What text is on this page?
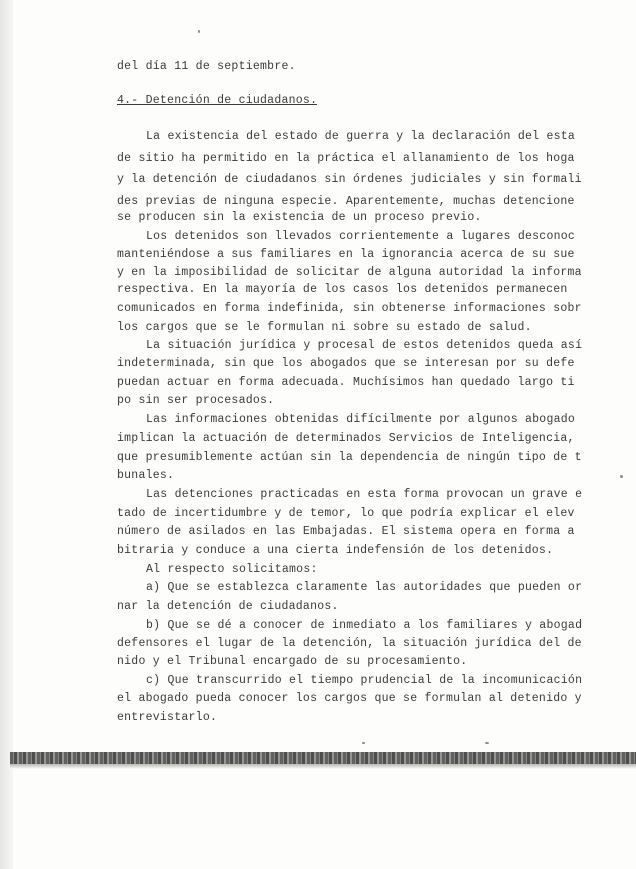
del día 11 de septiembre.
4.- Detención de ciudadanos.
La existencia del estado de guerra y la declaración del esta
de sitio ha permitido en la práctica el allanamiento de los hoga
y la detención de ciudadanos sin órdenes judiciales y sin formali
des previas de ninguna especie. Aparentemente, muchas detencione
se producen sin la existencia de un proceso previo.
Los detenidos son llevados corrientemente a lugares desconoc
manteniéndose a sus familiares en la ignorancia acerca de su sue
y en la imposibilidad de solicitar de alguna autoridad la informa
respectiva. En la mayoría de los casos los detenidos permanecen
comunicados en forma indefinida, sin obtenerse informaciones sobr
los cargos que se le formulan ni sobre su estado de salud.
La situación jurídica y procesal de estos detenidos queda así
indeterminada, sin que los abogados que se interesan por su defe
puedan actuar en forma adecuada. Muchísimos han quedado largo ti
po sin ser procesados.
Las informaciones obtenidas difícilmente por algunos abogado
implican la actuación de determinados Servicios de Inteligencia,
que presumiblemente actúan sin la dependencia de ningún tipo de t
bunales.
Las detenciones practicadas en esta forma provocan un grave e
tado de incertidumbre y de temor, lo que podría explicar el elev
número de asilados en las Embajadas. El sistema opera en forma a
bitraria y conduce a una cierta indefensión de los detenidos.
Al respecto solicitamos:
a) Que se establezca claramente las autoridades que pueden or
nar la detención de ciudadanos.
b) Que se dé a conocer de inmediato a los familiares y abogad
defensores el lugar de la detención, la situación jurídica del de
nido y el Tribunal encargado de su procesamiento.
c) Que transcurrido el tiempo prudencial de la incomunicación
el abogado pueda conocer los cargos que se formulan al detenido y
entrevistarlo.
